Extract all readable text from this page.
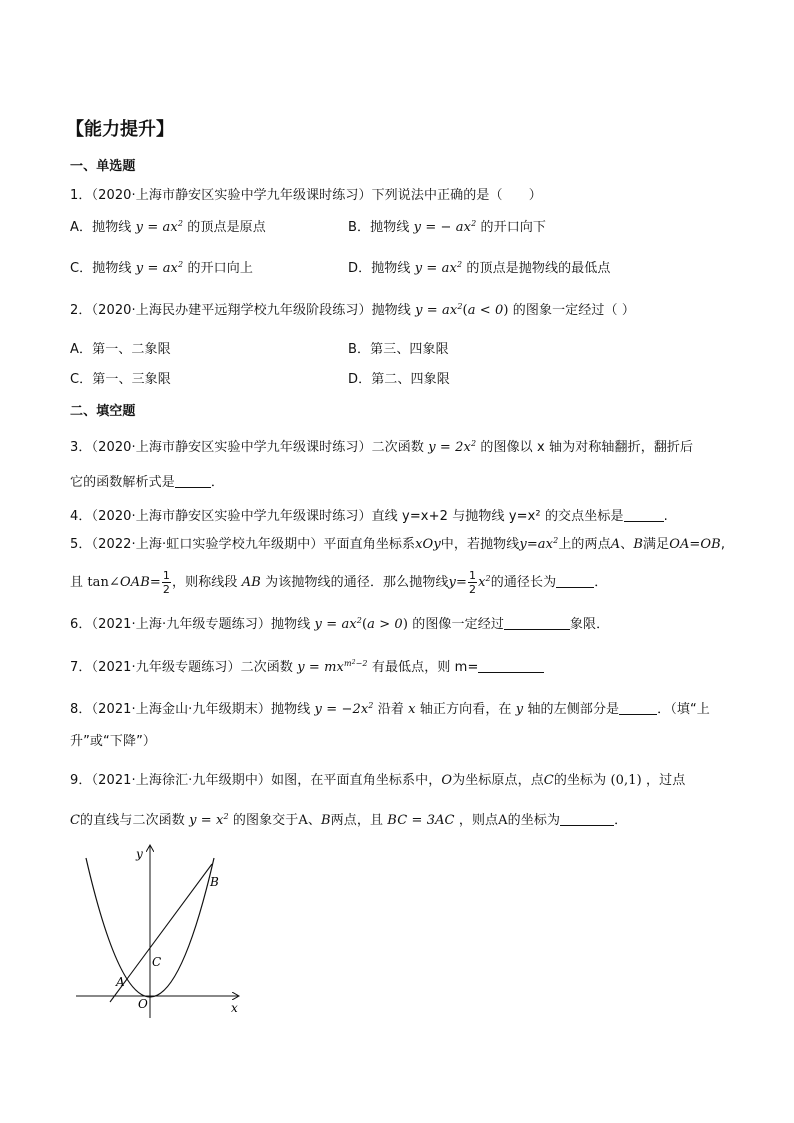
【能力提升】
一、单选题
1．（2020·上海市静安区实验中学九年级课时练习）下列说法中正确的是（　　）
A．抛物线 $y = ax^2$ 的顶点是原点	B．抛物线 y = − $ax^2$ 的开口向下
C．抛物线 $y = ax^2$ 的开口向上	D．抛物线 $y = ax^2$ 的顶点是抛物线的最低点
2．（2020·上海民办建平远翔学校九年级阶段练习）抛物线 $y = ax^2(a < 0)$ 的图象一定经过（ ）
A．第一、二象限	B．第三、四象限
C．第一、三象限	D．第二、四象限
二、填空题
3．（2020·上海市静安区实验中学九年级课时练习）二次函数 $y = 2x^2$ 的图像以 x 轴为对称轴翻折，翻折后
它的函数解析式是	．
4．（2020·上海市静安区实验中学九年级课时练习）直线 y=x+2 与抛物线 y=x² 的交点坐标是	.
5．（2022·上海·虹口实验学校九年级期中）平面直角坐标系xOy中，若抛物线$y=ax^2$上的两点A、B满足OA=OB,
且 tan∠OAB= $\frac{1}{2}$ ，则称线段 AB 为该抛物线的通径．那么抛物线$y= \frac{1}{2} x^2$的通径长为	．
6．（2021·上海·九年级专题练习）抛物线 $y = ax^2(a > 0)$ 的图像一定经过	象限．
7．（2021·九年级专题练习）二次函数 $y = mx^{m^2-2}$ 有最低点，则 m=
8．（2021·上海金山·九年级期末）抛物线 $y = -2x^2$ 沿着 x 轴正方向看，在 y 轴的左侧部分是	．（填“上
升”或“下降”）
9．（2021·上海徐汇·九年级期中）如图，在平面直角坐标系中，O为坐标原点，点C的坐标为 (0,1) ，过点
C的直线与二次函数 $y = x^2$ 的图象交于A、B两点，且 BC = 3AC ，则点A的坐标为	．
y
x
O
A
B
C
